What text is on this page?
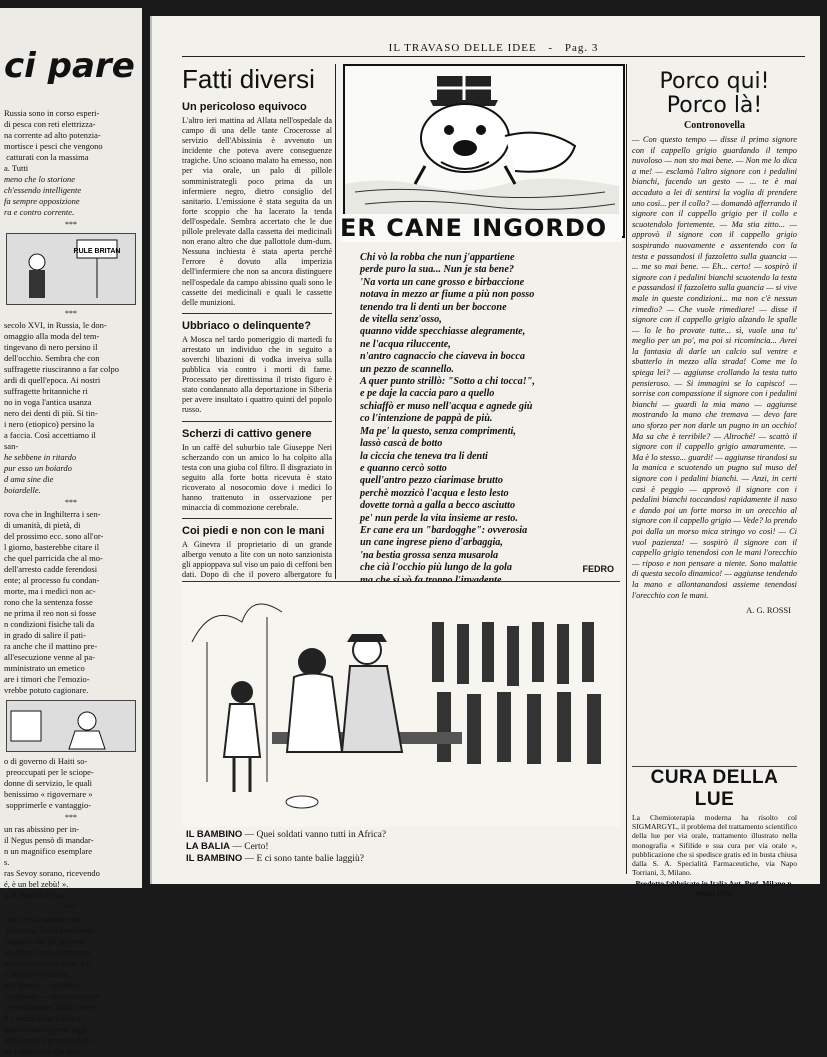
ci pare
Russia sono in corso esperi-
di pesca con reti elettrizza-
na corrente ad alto potenzia-
mortisce i pesci che vengono
catturati con la massima
a. Tutti
meno che lo storione
ch'essendo intelligente
fa sempre opposizione
ra e contro corrente.
***
RULE BRITAN
***
secolo XVI, in Russia, le don-
omaggio alla moda del tem-
tingevano di nero persino il
dell'occhio. Sembra che con
suffragette riusciranno a far colpo
ardi di quell'epoca. Ai nostri
suffragette britanniche ri
no in voga l'antica usanza
nero dei denti di più. Si tin-
i nero (etiopico) persino la
a faccia. Così accettiamo il
san-
he sebbene in ritardo
pur esso un boiardo
d ama sine die
boiardelle.
***
rova che in Inghilterra i sen-
di umanità, di pietà, di
del prossimo ecc. sono all'or-
l giorno, basterebbe citare il
che quel parricida che al mo-
dell'arresto cadde ferendosi
ente; al processo fu condan-
morte, ma i medici non ac-
rono che la sentenza fosse
ne prima il reo non si fosse
n condizioni fisiche tali da
in grado di salire il pati-
ra anche che il mattino pre-
all'esecuzione venne al pa-
mministrato un emetico
are i timori che l'emozio-
vrebbe potuto cagionare.
o di governo di Haiti so-
preoccupati per le sciope-
donne di servizio, le quali
benissimo « rigovernare »
sopprimerle e vantaggio-
***
un ras abissino per in-
il Negus pensò di mandar-
n un magnifico esemplare
s.
ras Sevoy sorano, ricevendo
é, è un bel zebù! ».
u al diavolo il ras.
***
che Lenin, quando era
Svizzera, fosse avvicinato
signora che gli propose
re, dietro forte compenso,
rei rivoluzionari russi. Le
è intascò la somma.
esti danari — gli disse
spagnano — serviranno per
ra rivoluzione. Tutti i mez-
ti i mezzi sono buoni » —
igualmente ripetere oggi
stipulando il prestito della
ne Inghilterra alla Rus-
IL TRAVASO DELLE IDEE - Pag. 3
Fatti diversi
Un pericoloso equivoco

L'altro ieri mattina ad Allata nell'ospedale da campo di una delle tante Crocerosse al servizio dell'Abissinia è avvenuto un incidente che poteva avere conseguenze tragiche. Uno scioano malato ha emesso, non per via orale, un palo di pillole somministrategli poco prima da un infermiere negro, dietro consiglio del sanitario. L'emissione è stata seguita da un forte scoppio che ha lacerato la tenda dell'ospedale. Sembra accertato che le due pillole prelevate dalla cassetta dei medicinali non erano altro che due pallottole dum-dum. Nessuna inchiesta è stata aperta perché l'errore è dovuto alla imperizia dell'infermiere che non sa ancora distinguere nell'ospedale da campo abissino quali sono le cassette dei medicinali e quali le cassette delle munizioni.

Ubbriaco o delinquente?

A Mosca nel tardo pomeriggio di martedì fu arrestato un individuo che in seguito a soverchi libazioni di vodka inveiva sulla pubblica via contro i morti di fame. Processato per direttissima il tristo figuro è stato condannato alla deportazione in Siberia per avere insultato i quattro quinti del popolo russo.

Scherzi di cattivo genere

In un caffè del suburbio tale Giuseppe Neri scherzando con un amico lo ha colpito alla testa con una giuba col filtro. Il disgraziato in seguito alla forte botta ricevuta è stato ricoverato al nosocomio dove i medici lo hanno trattenuto in osservazione per minaccia di commozione cerebrale.

Coi piedi e non con le mani

A Ginevra il proprietario di un grande albergo venuto a lite con un noto sanzionista gli appioppava sul viso un paio di ceffoni ben dati. Dopo di che il povero albergatore fu

ER CANE INGORDO
Chi vò la robba che nun j'appartiene
perde puro la sua... Nun je sta bene?
'Na vorta un cane grosso e birbaccione
notava in mezzo ar fiume a più non posso
tenendo tra li denti un ber boccone
de vitella senz'osso,
quanno vidde specchiasse alegramente,
ne l'acqua riluccente,
n'antro cagnaccio che ciaveva in bocca
un pezzo de scannello.
A quer punto strillò: "Sotto a chi tocca!",
e pe daje la caccia paro a quello
schiaffò er muso nell'acqua e agnede giù
co l'intenzione de pappà de più.
Ma pe' la questo, senza comprimenti,
lassò cascà de botto
la ciccia che teneva tra li denti
e quanno cercò sotto
quell'antro pezzo ciarimase brutto
perchè mozzicò l'acqua e lesto lesto
dovette tornà a galla a becco asciutto
pe' nun perde la vita insieme ar resto.
Er cane era un "bardogghe": ovverosia
un cane ingrese pieno d'arbaggia,
'na bestia grossa senza musarola
che cià l'occhio più lungo de la gola	FEDRO
Porco qui!
Porco là!
Contronovella

— Con questo tempo — disse il primo signore con il cappello grigio guardando il tempo nuvoloso — non sto mai bene. — Non me lo dica a me! — esclamò l'altro signore con i pedalini bianchi, facendo un gesto — ... te è mai accaduto a lei di sentirsi la voglia di prendere uno così... per il collo? — domandò afferrando il signore con il cappello grigio per il collo e scuotendolo fortemente. — Ma stia zitto... — approvò il signore con il cappello grigio sospirando nuovamente e assentendo con la testa e passandosi il fazzoletto sulla guancia — ... me so mai bene. — Eh... certo! — sospirò il signore con i pedalini bianchi scuotendo la testa e passandosi il fazzoletto sulla guancia — si vive male in queste condizioni... ma non c'è nessun rimedio? — Che vuole rimediare! — disse il signore con il cappello grigio alzando le spalle — lo le ho provate tutte... sì, vuole una tu' meglio per un po', ma poi si ricomincia... Avrei la fantasia di darle un calcio sul ventre e sbatterlo in mezzo alla strada! Come me lo spiega lei? — aggiunse crollando la testa tutto pensieroso. — Si immagini se lo capisco! — sorrise con compassione il signore con i pedalini bianchi — guardi la mia mano — aggiunse mostrando la mano che tremava — devo fare uno sforzo per non darle un pugno in un occhio! Ma sa che è terribile? — Altroché! — scattò il signore con il cappello grigio amaramente. — Ma è lo stesso... guardi! — aggiunse tirandosi su la manica e scuotendo un pugno sul muso del signore con i pedalini bianchi. — Anzi, in certi casi è peggio — approvò il signore con i pedalini bianchi toccandosi rapidamente il naso e dando poi un forte morso in un orecchio al signore con il cappello grigio — Vede? lo prendo poi dalla un morso mica stringo vo così! — Ci vuol pazienza! — sospirò il signore con il cappello grigio tenendosi con le mani l'orecchio — riposo e non pensare a niente. Sono malattie di questa secolo dinamico! — aggiunse tendendo la mano e allontanandosi assieme tenendosi l'orecchio con le mani.

A. G. ROSSI
CURA DELLA LUE

La Chemioterapia moderna ha risolto col SIGMARGYL, il problema del trattamento scientifico della lue per via orale, trattamento illustrato nella monografia « Sifilide e sua cura per via orale », pubblicazione che si spedisce gratis ed in busta chiusa dalla S. A. Specialità Farmaceutiche, via Napo Torriani, 3, Milano.

Prodotto fabbricato in Italia Aut. Pref. Milano n. 90683 1935.

IL BAMBINO — Quei soldati vanno tutti in Africa?
LA BALIA — Certo!
IL BAMBINO — E ci sono tante balie laggiù?
